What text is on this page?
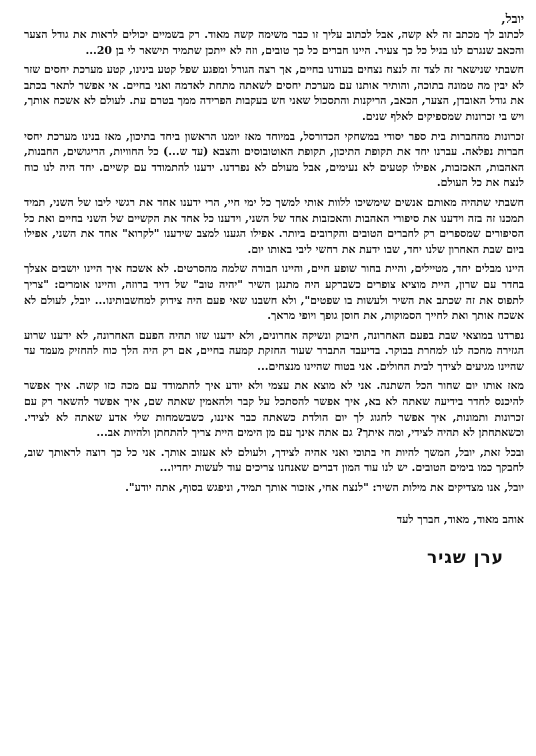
יובל,
לכתוב לך מכתב זה לא קשה, אבל לכתוב עליך זו כבר משימה קשה מאוד. רק בשמיים יכולים לראות את גודל הצער והכאב שנגרם לנו בגיל כל כך צעיר. היינו חברים כל כך טובים, וזה לא ייתכן שתמיד תישאר לי בן 20...
חשבתי שנישאר זה לצד זה לנצח נצחים בעודנו בחיים, אך רצה הגורל ומפגע שפל קטע בינינו, קטע מערכת יחסים שזר לא יבין מה טמונה בתוכה, והותיר אותנו עם מערכת יחסים לשאתה מתחת לאדמה ואני בחיים. אי אפשר לתאר בכתב את גודל האובדן, הצער, הכאב, הריקנות והתסכול שאני חש בעקבות הפרידה ממך בטרם עת. לעולם לא אשכח אותך, ויש בי זכרונות שמספיקים לאלף שנים.
זכרונות מהחברות בית ספר יסודי במשחקי הכדורסל, במיוחד מאז יומנו הראשון ביחד בתיכון, מאז בנינו מערכת יחסי חברות נפלאה. עברנו יחד את תקופת התיכון, תקופת האוטובוסים והצבא (עד ש...) כל החוויות, הריגושים, החבנות, האהבות, האכזבות, אפילו קטעים לא נעימים, אבל מעולם לא נפרדנו. ידענו להתמודד עם קשיים. יחד היה לנו כוח לנצח את כל העולם.
חשבתי שתהיה מאותם אנשים שימשיכו ללוות אותי למשך כל ימי חיי, הרי ידענו אחד את רגשי ליבו של השני, תמיד תמכנו זה בזה וידענו את סיפורי האהבות והאכזבות אחד של השני, וידענו כל אחד את הקשיים של השני בחיים ואת כל הסיפורים שמספרים רק לחברים הטובים והקרובים ביותר. אפילו הגענו למצב שידענו "לקרוא" אחד את השני, אפילו ביום שבת האחרון שלנו יחד, שבו ידעת את רחשי ליבי באותו יום.
היינו מבלים יחד, מטיילים, והיית בחור שופע חיים, והיינו חבורה שלמה מהסרטים. לא אשכח איך היינו יושבים אצלך בחדר עם שרון, היית מוציא צופרים כשברקע היה מתנגן השיר "יהיה טוב" של דויד ברוזה, והיינו אומרים: "צריך לתפוס את זה שכתב את השיר ולעשות בו שפטים", ולא חשבנו שאי פעם היה צידוק למחשבותינו... יובל, לעולם לא אשכח אותך ואת לחייך הסמוקות, את חוסן גופך ויופי מראך.
נפרדנו במוצאי שבת בפעם האחרונה, חיבוק ונשיקה אחרונים, ולא ידענו שזו תהיה הפעם האחרונה, לא ידענו שרוע הגזירה מחכה לנו למחרת בבוקר. בדיעבד התברר שעוד החזקת קמעה בחיים, אם רק היה הלך כוח להחזיק מעמד עד שהיינו מגיעים לצידך לבית החולים. אני בטוח שהיינו מנצחים...
מאז אותו יום שחור הכל השתנה. אני לא מוצא את עצמי ולא יודע איך להתמודד עם מכה כזו קשה. איך אפשר להיכנס לחדר בידיעה שאתה לא בא, איך אפשר להסתכל על קבר ולהאמין שאתה שם, איך אפשר להשאר רק עם זכרונות ותמונות, איך אפשר לחגוג לך יום הולדת כשאתה כבר איננו, כשבשמחות שלי אדע שאתה לא לצידי. וכשאתחתן לא תהיה לצידי, ומה איתך? גם אתה אינך עם מן הימים היית צריך להתחתן ולהיות אב...
ובכל זאת, יובל, המשך להיות חי בתוכי ואני אהיה לצידך, ולעולם לא אעזוב אותך. אני כל כך רוצה לראותך שוב, לחבקך כמו בימים הטובים. יש לנו עוד המון דברים שאנחנו צריכים עוד לעשות יחדיו...
יובל, אנו מצדיקים את מילות השיר: "לנצח אחי, אזכור אותך תמיד, וניפגש בסוף, אתה יודע".
אוהב מאוד, מאוד, חברך לעד
ערן שגיר
